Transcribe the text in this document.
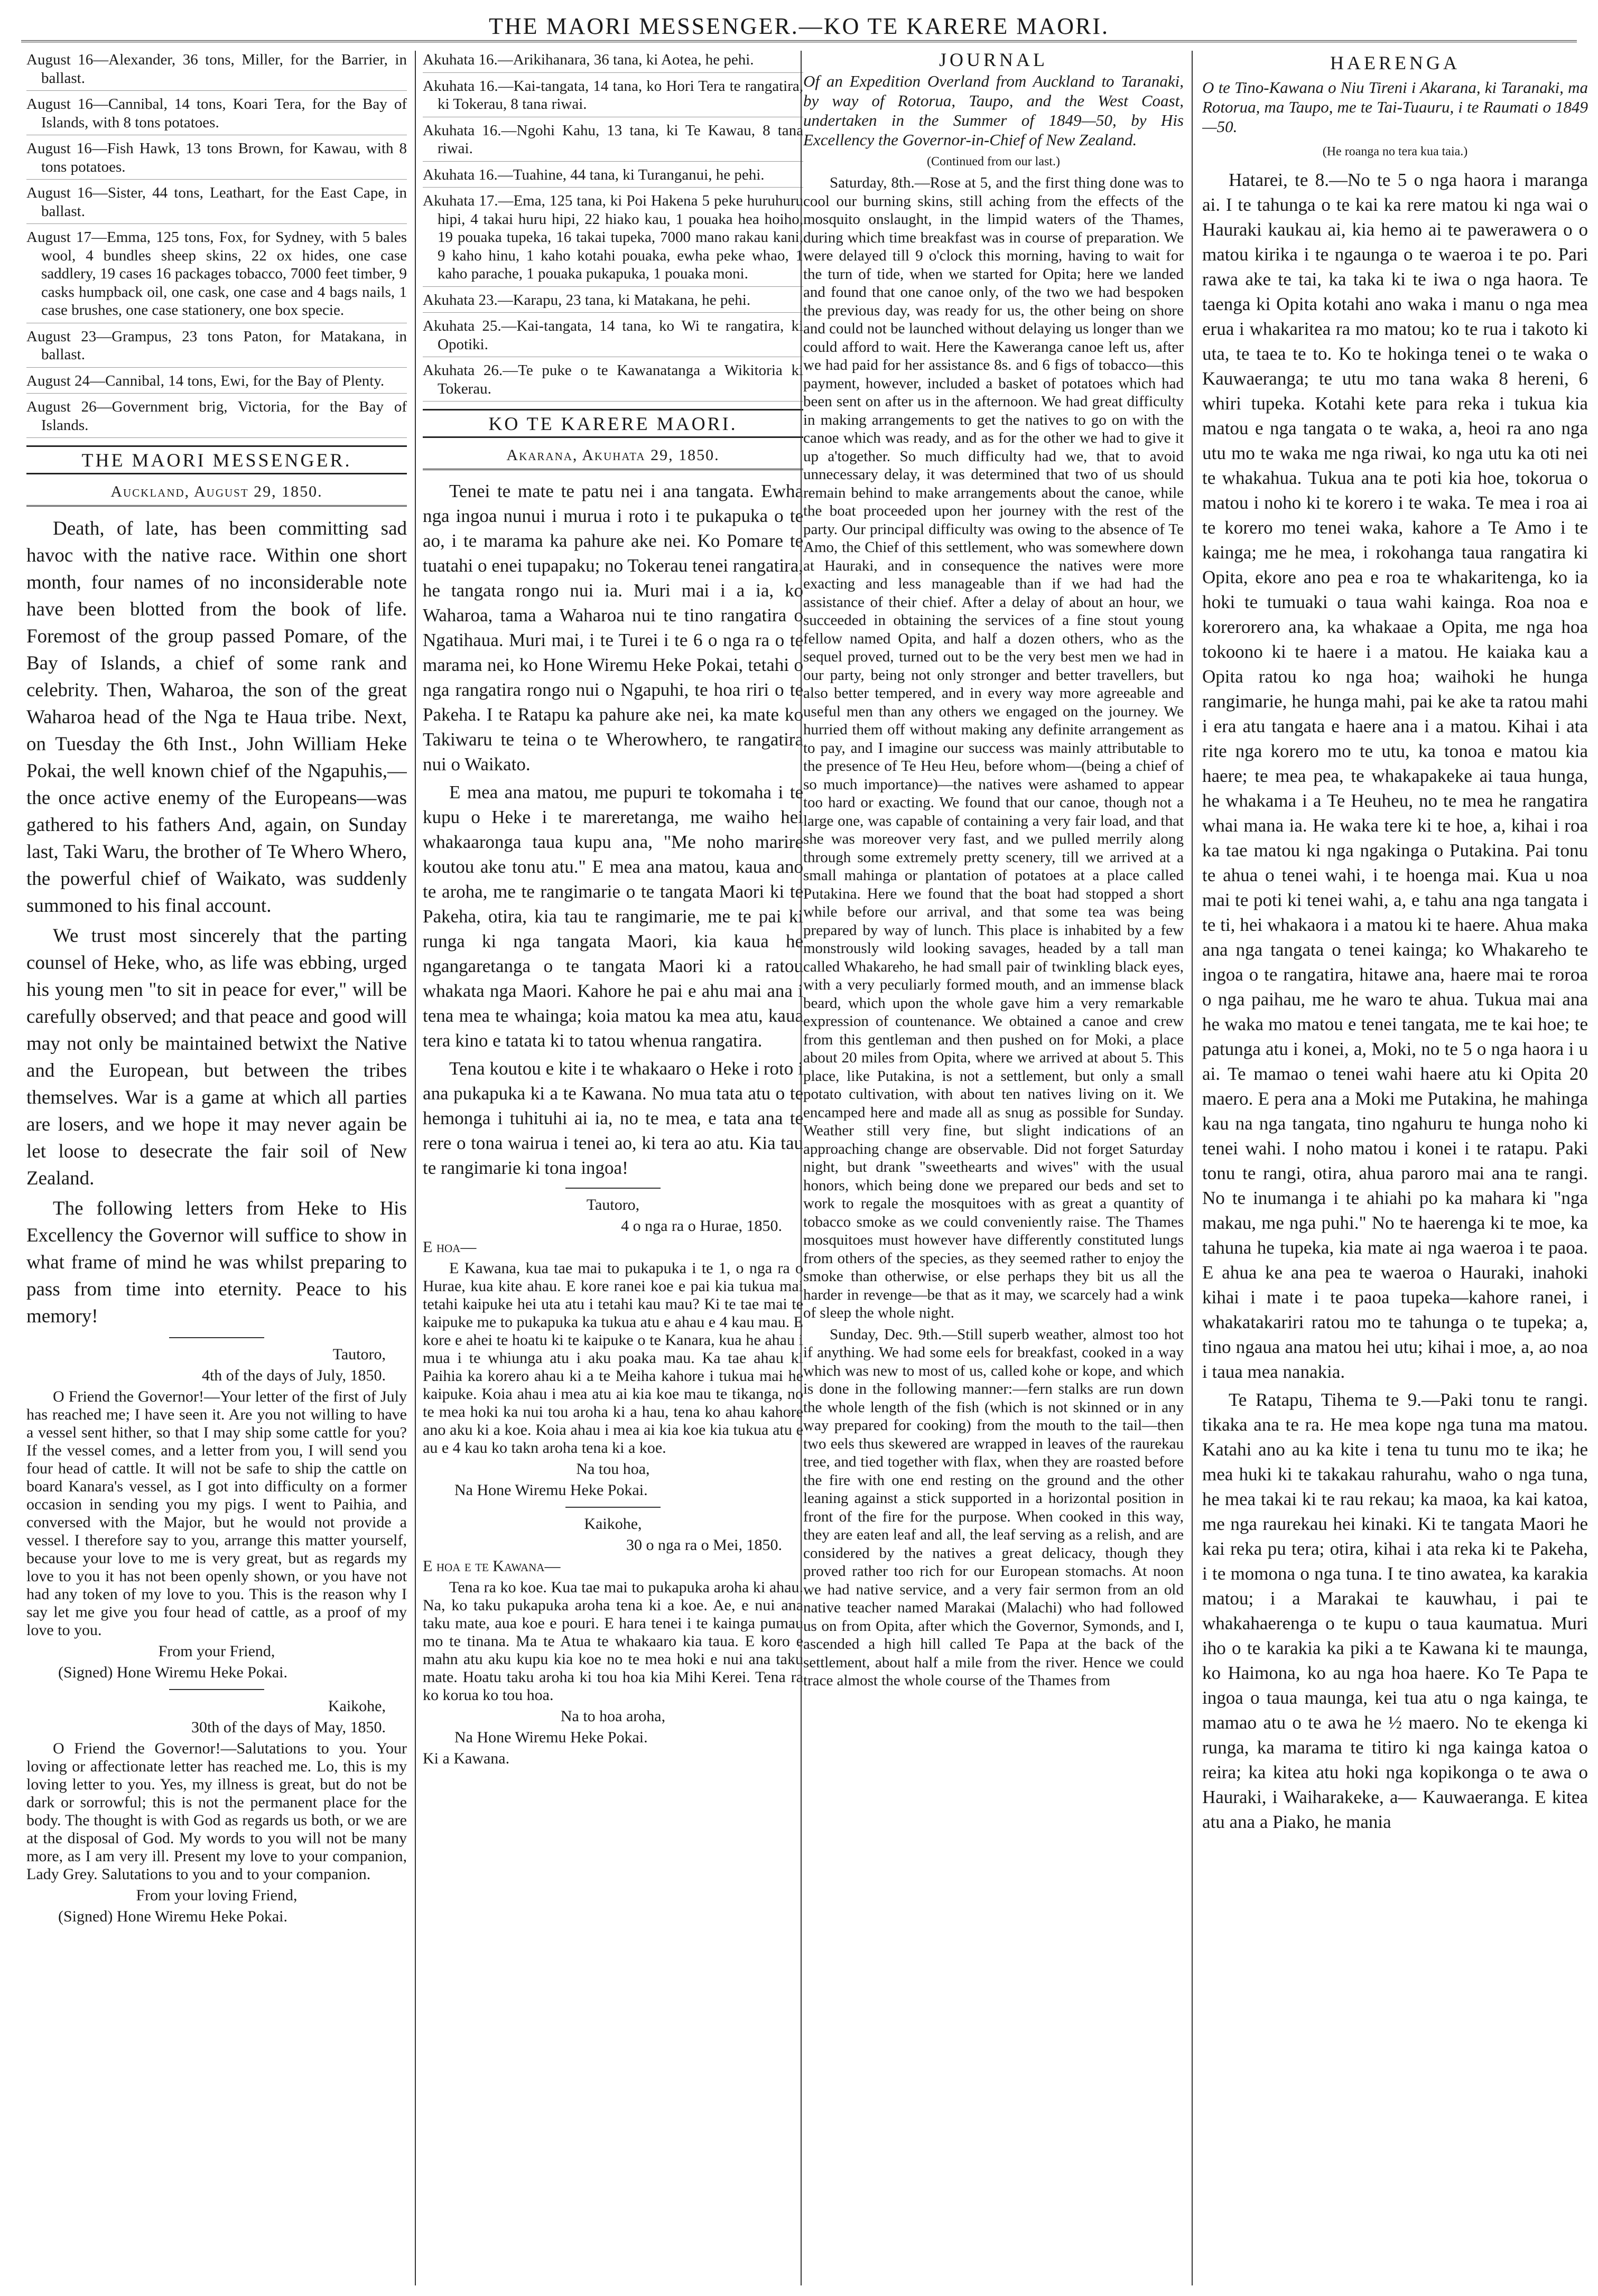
THE MAORI MESSENGER.—KO TE KARERE MAORI.

August 16—Alexander, 36 tons, Miller, for the Barrier, in ballast.

August 16—Cannibal, 14 tons, Koari Tera, for the Bay of Islands, with 8 tons potatoes.

August 16—Fish Hawk, 13 tons Brown, for Kawau, with 8 tons potatoes.

August 16—Sister, 44 tons, Leathart, for the East Cape, in ballast.

August 17—Emma, 125 tons, Fox, for Sydney, with 5 bales wool, 4 bundles sheep skins, 22 ox hides, one case saddlery, 19 cases 16 packages tobacco, 7000 feet timber, 9 casks humpback oil, one cask, one case and 4 bags nails, 1 case brushes, one case stationery, one box specie.

August 23—Grampus, 23 tons Paton, for Matakana, in ballast.

August 24—Cannibal, 14 tons, Ewi, for the Bay of Plenty.

August 26—Government brig, Victoria, for the Bay of Islands.

THE MAORI MESSENGER.
Auckland, August 29, 1850.

Death, of late, has been committing sad havoc with the native race. Within one short month, four names of no inconsiderable note have been blotted from the book of life. Foremost of the group passed Pomare, of the Bay of Islands, a chief of some rank and celebrity. Then, Waharoa, the son of the great Waharoa head of the Nga te Haua tribe. Next, on Tuesday the 6th Inst., John William Heke Pokai, the well known chief of the Ngapuhis,—the once active enemy of the Europeans—was gathered to his fathers And, again, on Sunday last, Taki Waru, the brother of Te Whero Whero, the powerful chief of Waikato, was suddenly summoned to his final account.

We trust most sincerely that the parting counsel of Heke, who, as life was ebbing, urged his young men "to sit in peace for ever," will be carefully observed; and that peace and good will may not only be maintained betwixt the Native and the European, but between the tribes themselves. War is a game at which all parties are losers, and we hope it may never again be let loose to desecrate the fair soil of New Zealand.

The following letters from Heke to His Excellency the Governor will suffice to show in what frame of mind he was whilst preparing to pass from time into eternity. Peace to his memory!

Tautoro,

4th of the days of July, 1850.

O Friend the Governor!—Your letter of the first of July has reached me; I have seen it. Are you not willing to have a vessel sent hither, so that I may ship some cattle for you? If the vessel comes, and a letter from you, I will send you four head of cattle. It will not be safe to ship the cattle on board Kanara's vessel, as I got into difficulty on a former occasion in sending you my pigs. I went to Paihia, and conversed with the Major, but he would not provide a vessel. I therefore say to you, arrange this matter yourself, because your love to me is very great, but as regards my love to you it has not been openly shown, or you have not had any token of my love to you. This is the reason why I say let me give you four head of cattle, as a proof of my love to you.

From your Friend,

(Signed) Hone Wiremu Heke Pokai.

Kaikohe,

30th of the days of May, 1850.

O Friend the Governor!—Salutations to you. Your loving or affectionate letter has reached me. Lo, this is my loving letter to you. Yes, my illness is great, but do not be dark or sorrowful; this is not the permanent place for the body. The thought is with God as regards us both, or we are at the disposal of God. My words to you will not be many more, as I am very ill. Present my love to your companion, Lady Grey. Salutations to you and to your companion.

From your loving Friend,

(Signed) Hone Wiremu Heke Pokai.

Akuhata 16.—Arikihanara, 36 tana, ki Aotea, he pehi.

Akuhata 16.—Kai-tangata, 14 tana, ko Hori Tera te rangatira, ki Tokerau, 8 tana riwai.

Akuhata 16.—Ngohi Kahu, 13 tana, ki Te Kawau, 8 tana riwai.

Akuhata 16.—Tuahine, 44 tana, ki Turanganui, he pehi.

Akuhata 17.—Ema, 125 tana, ki Poi Hakena 5 peke huruhuru hipi, 4 takai huru hipi, 22 hiako kau, 1 pouaka hea hoiho, 19 pouaka tupeka, 16 takai tupeka, 7000 mano rakau kani, 9 kaho hinu, 1 kaho kotahi pouaka, ewha peke whao, 1 kaho parache, 1 pouaka pukapuka, 1 pouaka moni.

Akuhata 23.—Karapu, 23 tana, ki Matakana, he pehi.

Akuhata 25.—Kai-tangata, 14 tana, ko Wi te rangatira, ki Opotiki.

Akuhata 26.—Te puke o te Kawanatanga a Wikitoria ki Tokerau.

KO TE KARERE MAORI.
Akarana, Akuhata 29, 1850.

Tenei te mate te patu nei i ana tangata. Ewha nga ingoa nunui i murua i roto i te pukapuka o te ao, i te marama ka pahure ake nei. Ko Pomare te tuatahi o enei tupapaku; no Tokerau tenei rangatira, he tangata rongo nui ia. Muri mai i a ia, ko Waharoa, tama a Waharoa nui te tino rangatira o Ngatihaua. Muri mai, i te Turei i te 6 o nga ra o te marama nei, ko Hone Wiremu Heke Pokai, tetahi o nga rangatira rongo nui o Ngapuhi, te hoa riri o te Pakeha. I te Ratapu ka pahure ake nei, ka mate ko Takiwaru te teina o te Wherowhero, te rangatira nui o Waikato.

E mea ana matou, me pupuri te tokomaha i te kupu o Heke i te mareretanga, me waiho hei whakaaronga taua kupu ana, "Me noho marire koutou ake tonu atu." E mea ana matou, kaua ano te aroha, me te rangimarie o te tangata Maori ki te Pakeha, otira, kia tau te rangimarie, me te pai ki runga ki nga tangata Maori, kia kaua he ngangaretanga o te tangata Maori ki a ratou whakata nga Maori. Kahore he pai e ahu mai ana i tena mea te whainga; koia matou ka mea atu, kaua tera kino e tatata ki to tatou whenua rangatira.

Tena koutou e kite i te whakaaro o Heke i roto i ana pukapuka ki a te Kawana. No mua tata atu o te hemonga i tuhituhi ai ia, no te mea, e tata ana te rere o tona wairua i tenei ao, ki tera ao atu. Kia tau te rangimarie ki tona ingoa!

Tautoro,

4 o nga ra o Hurae, 1850.

E hoa—

E Kawana, kua tae mai to pukapuka i te 1, o nga ra o Hurae, kua kite ahau. E kore ranei koe e pai kia tukua mai tetahi kaipuke hei uta atu i tetahi kau mau? Ki te tae mai te kaipuke me to pukapuka ka tukua atu e ahau e 4 kau mau. E kore e ahei te hoatu ki te kaipuke o te Kanara, kua he ahau i mua i te whiunga atu i aku poaka mau. Ka tae ahau ki Paihia ka korero ahau ki a te Meiha kahore i tukua mai he kaipuke. Koia ahau i mea atu ai kia koe mau te tikanga, no te mea hoki ka nui tou aroha ki a hau, tena ko ahau kahore ano aku ki a koe. Koia ahau i mea ai kia koe kia tukua atu e au e 4 kau ko takn aroha tena ki a koe.

Na tou hoa,

Na Hone Wiremu Heke Pokai.

Kaikohe,

30 o nga ra o Mei, 1850.

E hoa e te Kawana—

Tena ra ko koe. Kua tae mai to pukapuka aroha ki ahau. Na, ko taku pukapuka aroha tena ki a koe. Ae, e nui ana taku mate, aua koe e pouri. E hara tenei i te kainga pumau mo te tinana. Ma te Atua te whakaaro kia taua. E koro e mahn atu aku kupu kia koe no te mea hoki e nui ana taku mate. Hoatu taku aroha ki tou hoa kia Mihi Kerei. Tena ra ko korua ko tou hoa.

Na to hoa aroha,

Na Hone Wiremu Heke Pokai.

Ki a Kawana.

JOURNAL

Of an Expedition Overland from Auckland to Taranaki, by way of Rotorua, Taupo, and the West Coast, undertaken in the Summer of 1849—50, by His Excellency the Governor-in-Chief of New Zealand.

(Continued from our last.)

Saturday, 8th.—Rose at 5, and the first thing done was to cool our burning skins, still aching from the effects of the mosquito onslaught, in the limpid waters of the Thames, during which time breakfast was in course of preparation. We were delayed till 9 o'clock this morning, having to wait for the turn of tide, when we started for Opita; here we landed and found that one canoe only, of the two we had bespoken the previous day, was ready for us, the other being on shore and could not be launched without delaying us longer than we could afford to wait. Here the Kaweranga canoe left us, after we had paid for her assistance 8s. and 6 figs of tobacco—this payment, however, included a basket of potatoes which had been sent on after us in the afternoon. We had great difficulty in making arrangements to get the natives to go on with the canoe which was ready, and as for the other we had to give it up a'together. So much difficulty had we, that to avoid unnecessary delay, it was determined that two of us should remain behind to make arrangements about the canoe, while the boat proceeded upon her journey with the rest of the party. Our principal difficulty was owing to the absence of Te Amo, the Chief of this settlement, who was somewhere down at Hauraki, and in consequence the natives were more exacting and less manageable than if we had had the assistance of their chief. After a delay of about an hour, we succeeded in obtaining the services of a fine stout young fellow named Opita, and half a dozen others, who as the sequel proved, turned out to be the very best men we had in our party, being not only stronger and better travellers, but also better tempered, and in every way more agreeable and useful men than any others we engaged on the journey. We hurried them off without making any definite arrangement as to pay, and I imagine our success was mainly attributable to the presence of Te Heu Heu, before whom—(being a chief of so much importance)—the natives were ashamed to appear too hard or exacting. We found that our canoe, though not a large one, was capable of containing a very fair load, and that she was moreover very fast, and we pulled merrily along through some extremely pretty scenery, till we arrived at a small mahinga or plantation of potatoes at a place called Putakina. Here we found that the boat had stopped a short while before our arrival, and that some tea was being prepared by way of lunch. This place is inhabited by a few monstrously wild looking savages, headed by a tall man called Whakareho, he had small pair of twinkling black eyes, with a very peculiarly formed mouth, and an immense black beard, which upon the whole gave him a very remarkable expression of countenance. We obtained a canoe and crew from this gentleman and then pushed on for Moki, a place about 20 miles from Opita, where we arrived at about 5. This place, like Putakina, is not a settlement, but only a small potato cultivation, with about ten natives living on it. We encamped here and made all as snug as possible for Sunday. Weather still very fine, but slight indications of an approaching change are observable. Did not forget Saturday night, but drank "sweethearts and wives" with the usual honors, which being done we prepared our beds and set to work to regale the mosquitoes with as great a quantity of tobacco smoke as we could conveniently raise. The Thames mosquitoes must however have differently constituted lungs from others of the species, as they seemed rather to enjoy the smoke than otherwise, or else perhaps they bit us all the harder in revenge—be that as it may, we scarcely had a wink of sleep the whole night.

Sunday, Dec. 9th.—Still superb weather, almost too hot if anything. We had some eels for breakfast, cooked in a way which was new to most of us, called kohe or kope, and which is done in the following manner:—fern stalks are run down the whole length of the fish (which is not skinned or in any way prepared for cooking) from the mouth to the tail—then two eels thus skewered are wrapped in leaves of the raurekau tree, and tied together with flax, when they are roasted before the fire with one end resting on the ground and the other leaning against a stick supported in a horizontal position in front of the fire for the purpose. When cooked in this way, they are eaten leaf and all, the leaf serving as a relish, and are considered by the natives a great delicacy, though they proved rather too rich for our European stomachs. At noon we had native service, and a very fair sermon from an old native teacher named Marakai (Malachi) who had followed us on from Opita, after which the Governor, Symonds, and I, ascended a high hill called Te Papa at the back of the settlement, about half a mile from the river. Hence we could trace almost the whole course of the Thames from

HAERENGA

O te Tino-Kawana o Niu Tireni i Akarana, ki Taranaki, ma Rotorua, ma Taupo, me te Tai-Tuauru, i te Raumati o 1849—50.

(He roanga no tera kua taia.)

Hatarei, te 8.—No te 5 o nga haora i maranga ai. I te tahunga o te kai ka rere matou ki nga wai o Hauraki kaukau ai, kia hemo ai te pawerawera o o matou kirika i te ngaunga o te waeroa i te po. Pari rawa ake te tai, ka taka ki te iwa o nga haora. Te taenga ki Opita kotahi ano waka i manu o nga mea erua i whakaritea ra mo matou; ko te rua i takoto ki uta, te taea te to. Ko te hokinga tenei o te waka o Kauwaeranga; te utu mo tana waka 8 hereni, 6 whiri tupeka. Kotahi kete para reka i tukua kia matou e nga tangata o te waka, a, heoi ra ano nga utu mo te waka me nga riwai, ko nga utu ka oti nei te whakahua. Tukua ana te poti kia hoe, tokorua o matou i noho ki te korero i te waka. Te mea i roa ai te korero mo tenei waka, kahore a Te Amo i te kainga; me he mea, i rokohanga taua rangatira ki Opita, ekore ano pea e roa te whakaritenga, ko ia hoki te tumuaki o taua wahi kainga. Roa noa e korerorero ana, ka whakaae a Opita, me nga hoa tokoono ki te haere i a matou. He kaiaka kau a Opita ratou ko nga hoa; waihoki he hunga rangimarie, he hunga mahi, pai ke ake ta ratou mahi i era atu tangata e haere ana i a matou. Kihai i ata rite nga korero mo te utu, ka tonoa e matou kia haere; te mea pea, te whakapakeke ai taua hunga, he whakama i a Te Heuheu, no te mea he rangatira whai mana ia. He waka tere ki te hoe, a, kihai i roa ka tae matou ki nga ngakinga o Putakina. Pai tonu te ahua o tenei wahi, i te hoenga mai. Kua u noa mai te poti ki tenei wahi, a, e tahu ana nga tangata i te ti, hei whakaora i a matou ki te haere. Ahua maka ana nga tangata o tenei kainga; ko Whakareho te ingoa o te rangatira, hitawe ana, haere mai te roroa o nga paihau, me he waro te ahua. Tukua mai ana he waka mo matou e tenei tangata, me te kai hoe; te patunga atu i konei, a, Moki, no te 5 o nga haora i u ai. Te mamao o tenei wahi haere atu ki Opita 20 maero. E pera ana a Moki me Putakina, he mahinga kau na nga tangata, tino ngahuru te hunga noho ki tenei wahi. I noho matou i konei i te ratapu. Paki tonu te rangi, otira, ahua paroro mai ana te rangi. No te inumanga i te ahiahi po ka mahara ki "nga makau, me nga puhi." No te haerenga ki te moe, ka tahuna he tupeka, kia mate ai nga waeroa i te paoa. E ahua ke ana pea te waeroa o Hauraki, inahoki kihai i mate i te paoa tupeka—kahore ranei, i whakatakariri ratou mo te tahunga o te tupeka; a, tino ngaua ana matou hei utu; kihai i moe, a, ao noa i taua mea nanakia.

Te Ratapu, Tihema te 9.—Paki tonu te rangi. tikaka ana te ra. He mea kope nga tuna ma matou. Katahi ano au ka kite i tena tu tunu mo te ika; he mea huki ki te takakau rahurahu, waho o nga tuna, he mea takai ki te rau rekau; ka maoa, ka kai katoa, me nga raurekau hei kinaki. Ki te tangata Maori he kai reka pu tera; otira, kihai i ata reka ki te Pakeha, i te momona o nga tuna. I te tino awatea, ka karakia matou; i a Marakai te kauwhau, i pai te whakahaerenga o te kupu o taua kaumatua. Muri iho o te karakia ka piki a te Kawana ki te maunga, ko Haimona, ko au nga hoa haere. Ko Te Papa te ingoa o taua maunga, kei tua atu o nga kainga, te mamao atu o te awa he ½ maero. No te ekenga ki runga, ka marama te titiro ki nga kainga katoa o reira; ka kitea atu hoki nga kopikonga o te awa o Hauraki, i Waiharakeke, a— Kauwaeranga. E kitea atu ana a Piako, he mania
